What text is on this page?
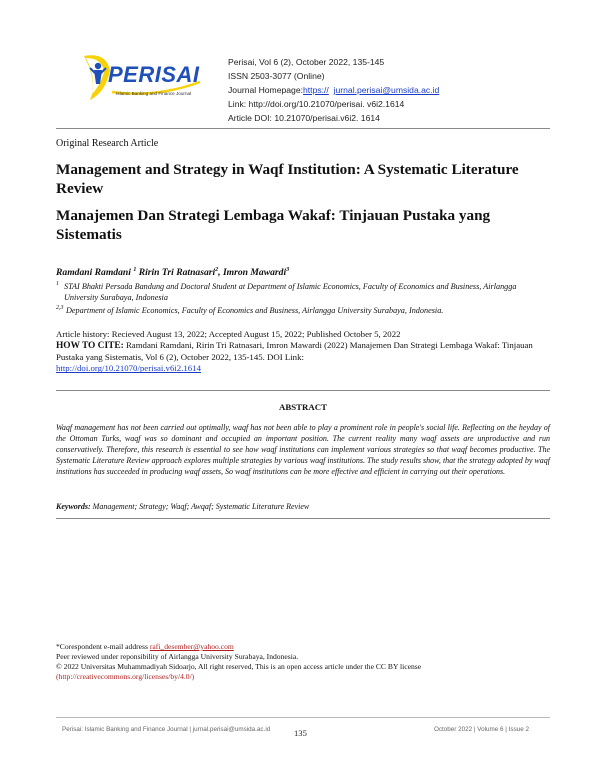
PERISAI
Islamic Banking and Finance Journal
Perisai, Vol 6 (2), October 2022, 135-145
ISSN 2503-3077 (Online)
Journal Homepage:https:// jurnal.perisai@umsida.ac.id
Link: http://doi.org/10.21070/perisai. v6i2.1614
Article DOI: 10.21070/perisai.v6i2. 1614
Original Research Article
Management and Strategy in Waqf Institution: A Systematic Literature Review
Manajemen Dan Strategi Lembaga Wakaf: Tinjauan Pustaka yang
Sistematis
Ramdani Ramdani $^1$ Ririn Tri Ratnasari$^2$, Imron Mawardi$^3$
1 STAI Bhakti Persada Bandung and Doctoral Student at Department of Islamic Economics, Faculty of Economics and Business, Airlangga University Surabaya, Indonesia
2,3 Department of Islamic Economics, Faculty of Economics and Business, Airlangga University Surabaya, Indonesia.
Article history: Recieved August 13, 2022; Accepted August 15, 2022; Published October 5, 2022
HOW TO CITE: Ramdani Ramdani, Ririn Tri Ratnasari, Imron Mawardi (2022) Manajemen Dan Strategi Lembaga Wakaf: Tinjauan Pustaka yang Sistematis, Vol 6 (2), October 2022, 135-145. DOI Link:
http://doi.org/10.21070/perisai.v6i2.1614
ABSTRACT
Waqf management has not been carried out optimally, waqf has not been able to play a prominent role in people's social life. Reflecting on the heyday of the Ottoman Turks, waqf was so dominant and occupied an important position. The current reality many waqf assets are unproductive and run conservatively. Therefore, this research is essential to see how waqf institutions can implement various strategies so that waqf becomes productive. The Systematic Literature Review approach explores multiple strategies by various waqf institutions. The study results show, that the strategy adopted by waqf institutions has succeeded in producing waqf assets, So waqf institutions can be more effective and efficient in carrying out their operations.
Keywords: Management; Strategy; Waqf; Awqaf; Systematic Literature Review
*Corespondent e-mail address rafi_desember@yahoo.com
Peer reviewed under reponsibility of Airlangga University Surabaya, Indonesia.
© 2022 Universitas Muhammadiyah Sidoarjo, All right reserved, This is an open access article under the CC BY license
(http://creativecommons.org/licenses/by/4.0/)
Perisai: Islamic Banking and Finance Journal | jurnal.perisai@umsida.ac.id	135	October 2022 | Volume 6 | Issue 2
